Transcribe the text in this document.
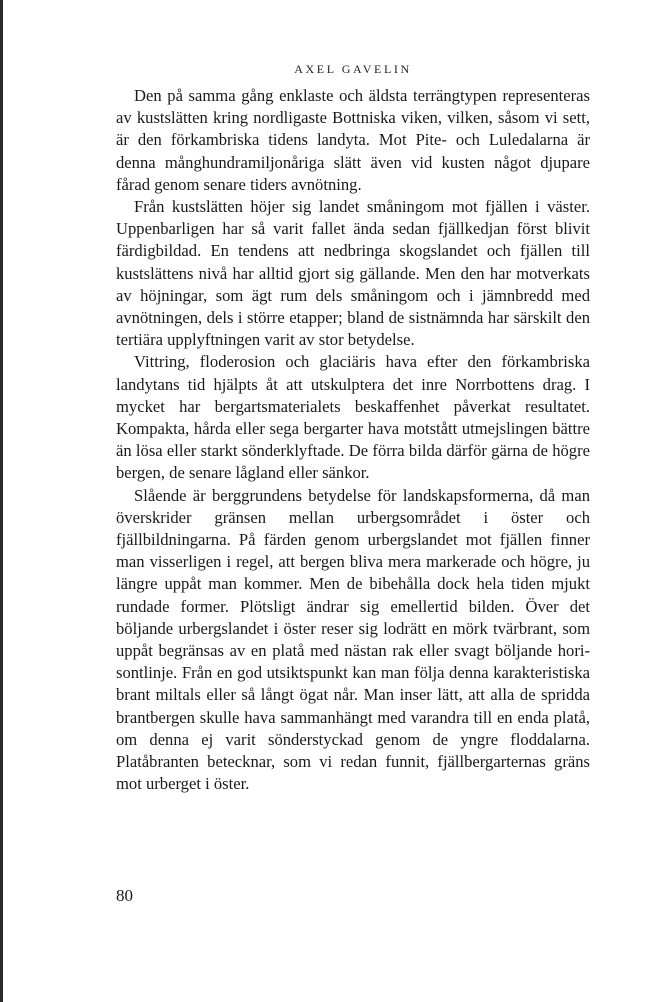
AXEL GAVELIN

Den på samma gång enklaste och äldsta terrängtypen representeras av kustslätten kring nordligaste Bottniska viken, vilken, såsom vi sett, är den förkambriska tidens landyta. Mot Pite- och Luledalarna är denna månghundramiljonåriga slätt även vid kusten något djupare fårad genom senare tiders avnötning.

Från kustslätten höjer sig landet småningom mot fjällen i väster. Uppenbarligen har så varit fallet ända sedan fjällkedjan först blivit färdigbildad. En tendens att nedbringa skogslandet och fjällen till kustslättens nivå har alltid gjort sig gällande. Men den har motverkats av höjningar, som ägt rum dels småningom och i jämnbredd med avnötningen, dels i större etapper; bland de sistnämnda har särskilt den tertiära upplyftningen varit av stor betydelse.

Vittring, floderosion och glaciäris hava efter den förkambriska landytans tid hjälpts åt att utskulptera det inre Norrbottens drag. I mycket har bergartsmaterialets beskaffenhet påverkat resultatet. Kompakta, hårda eller sega bergarter hava motstått utmejslingen bättre än lösa eller starkt sönderklyftade. De förra bilda därför gärna de högre bergen, de senare lågland eller sänkor.

Slående är berggrundens betydelse för landskapsformerna, då man överskrider gränsen mellan urbergsområdet i öster och fjällbildningarna. På färden genom urbergslandet mot fjällen finner man visserligen i regel, att bergen bliva mera markerade och högre, ju längre uppåt man kommer. Men de bibehålla dock hela tiden mjukt rundade former. Plötsligt ändrar sig emellertid bilden. Över det böljande urbergslandet i öster reser sig lodrätt en mörk tvärbrant, som uppåt begränsas av en platå med nästan rak eller svagt böljande horisontlinje. Från en god utsiktspunkt kan man följa denna karakteristiska brant miltals eller så långt ögat når. Man inser lätt, att alla de spridda brantbergen skulle hava sammanhängt med varandra till en enda platå, om denna ej varit sönderstyckad genom de yngre floddalarna. Platåbranten betecknar, som vi redan funnit, fjällbergarternas gräns mot urberget i öster.

80
